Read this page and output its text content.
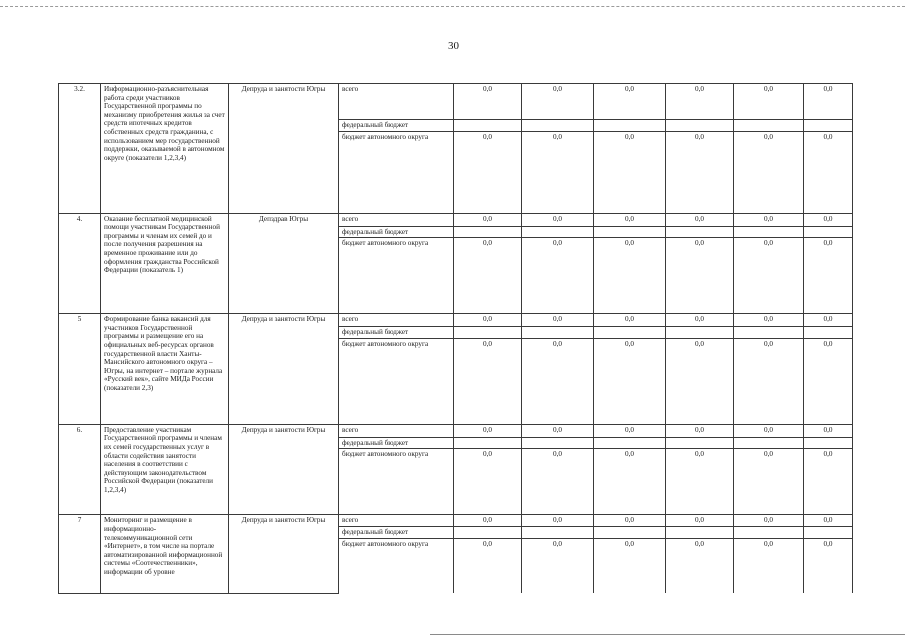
30
3.2.	Информационно-разъяснительная работа среди участников Государственной программы по механизму приобретения жилья за счет средств ипотечных кредитов собственных средств гражданина, с использованием мер государственной поддержки, оказываемой в автономном округе (показатели 1,2,3,4)	Депруда и занятости Югры	всего	0,0	0,0	0,0	0,0	0,0	0,0
			федеральный бюджет						
			бюджет автономного округа	0,0	0,0	0,0	0,0	0,0	0,0
4.	Оказание бесплатной медицинской помощи участникам Государственной программы и членам их семей до и после получения разрешения на временное проживание или до оформления гражданства Российской Федерации (показатель 1)	Депздрав Югры	всего	0,0	0,0	0,0	0,0	0,0	0,0
			федеральный бюджет						
			бюджет автономного округа	0,0	0,0	0,0	0,0	0,0	0,0
5	Формирование банка вакансий для участников Государственной программы и размещение его на официальных веб-ресурсах органов государственной власти Ханты-Мансийского автономного округа – Югры, на интернет – портале журнала «Русский век», сайте МИДа России (показатели 2,3)	Депруда и занятости Югры	всего	0,0	0,0	0,0	0,0	0,0	0,0
			федеральный бюджет						
			бюджет автономного округа	0,0	0,0	0,0	0,0	0,0	0,0
6.	Предоставление участникам Государственной программы и членам их семей государственных услуг в области содействия занятости населения в соответствии с действующим законодательством Российской Федерации (показатели 1,2,3,4)	Депруда и занятости Югры	всего	0,0	0,0	0,0	0,0	0,0	0,0
			федеральный бюджет						
			бюджет автономного округа	0,0	0,0	0,0	0,0	0,0	0,0
7	Мониторинг и размещение в информационно-телекоммуникационной сети «Интернет», в том числе на портале автоматизированной информационной системы «Соотечественники», информации об уровне	Депруда и занятости Югры	всего	0,0	0,0	0,0	0,0	0,0	0,0
			федеральный бюджет						
			бюджет автономного округа	0,0	0,0	0,0	0,0	0,0	0,0
